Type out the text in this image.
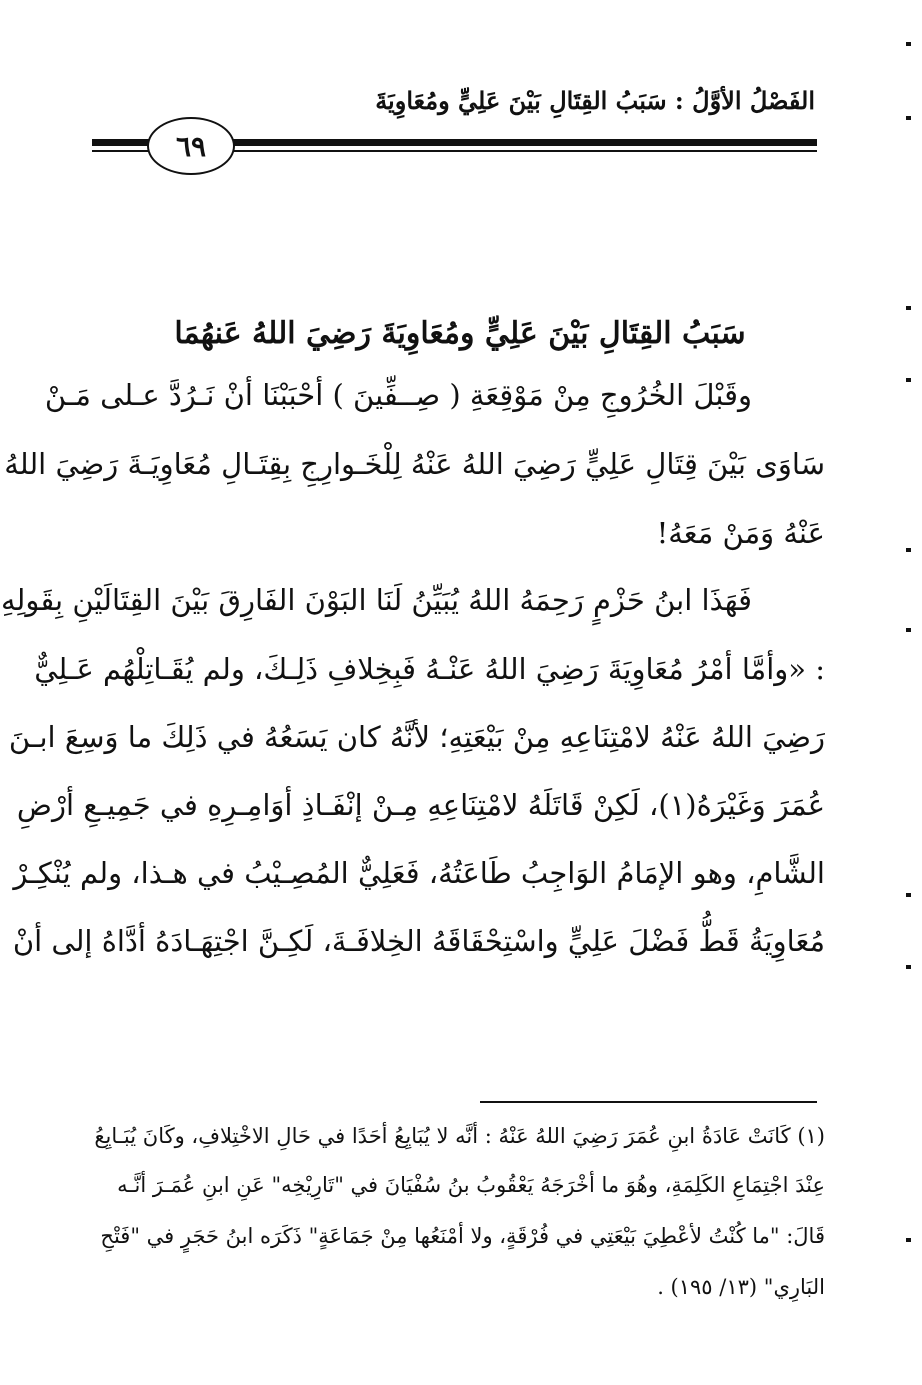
الفَصْلُ الأوَّلُ : سَبَبُ القِتَالِ بَيْنَ عَلِيٍّ ومُعَاوِيَةَ
٦٩
سَبَبُ القِتَالِ بَيْنَ عَلِيٍّ ومُعَاوِيَةَ رَضِيَ اللهُ عَنهُمَا
وقَبْلَ الخُرُوجِ مِنْ مَوْقِعَةِ ( صِــفِّينَ ) أحْبَبْنَا أنْ نَـرُدَّ عـلى مَـنْ
سَاوَى بَيْنَ قِتَالِ عَلِيٍّ رَضِيَ اللهُ عَنْهُ لِلْخَـوارِجِ بِقِتَـالِ مُعَاوِيَـةَ رَضِيَ اللهُ
عَنْهُ وَمَنْ مَعَهُ!
فَهَذَا ابنُ حَزْمٍ رَحِمَهُ اللهُ يُبَيِّنُ لَنَا البَوْنَ الفَارِقَ بَيْنَ القِتَالَيْنِ بِقَولِهِ
: «وأمَّا أمْرُ مُعَاوِيَةَ رَضِيَ اللهُ عَنْـهُ فَبِخِلافِ ذَلِـكَ، ولم يُقَـاتِلْهُم عَـلِيٌّ
رَضِيَ اللهُ عَنْهُ لامْتِنَاعِهِ مِنْ بَيْعَتِهِ؛ لأنَّهُ كان يَسَعُهُ في ذَلِكَ ما وَسِعَ ابـنَ
عُمَرَ وَغَيْرَهُ(١)، لَكِنْ قَاتَلَهُ لامْتِنَاعِهِ مِـنْ إنْفَـاذِ أوَامِـرِهِ في جَمِيـعِ أرْضِ
الشَّامِ، وهو الإمَامُ الوَاجِبُ طَاعَتُهُ، فَعَلِيٌّ المُصِـيْبُ في هـذا، ولم يُنْكِـرْ
مُعَاوِيَةُ قَطُّ فَضْلَ عَلِيٍّ واسْتِحْقَاقَهُ الخِلافَـةَ، لَكِـنَّ اجْتِهَـادَهُ أدَّاهُ إلى أنْ
(١) كَانَتْ عَادَةُ ابنِ عُمَرَ رَضِيَ اللهُ عَنْهُ : أنَّه لا يُبَايِعُ أحَدًا في حَالِ الاخْتِلافِ، وكَانَ يُبَـايِعُ
عِنْدَ اجْتِمَاعِ الكَلِمَةِ، وهُوَ ما أخْرَجَهُ يَعْقُوبُ بنُ سُفْيَانَ في "تَارِيْخِه" عَنِ ابنِ عُمَـرَ أنَّـه
قَالَ: "ما كُنْتُ لأعْطِيَ بَيْعَتِي في فُرْقَةٍ، ولا أمْنَعُها مِنْ جَمَاعَةٍ" ذَكَرَه ابنُ حَجَرٍ في "فَتْحِ
البَارِي" (١٣/ ١٩٥) .
